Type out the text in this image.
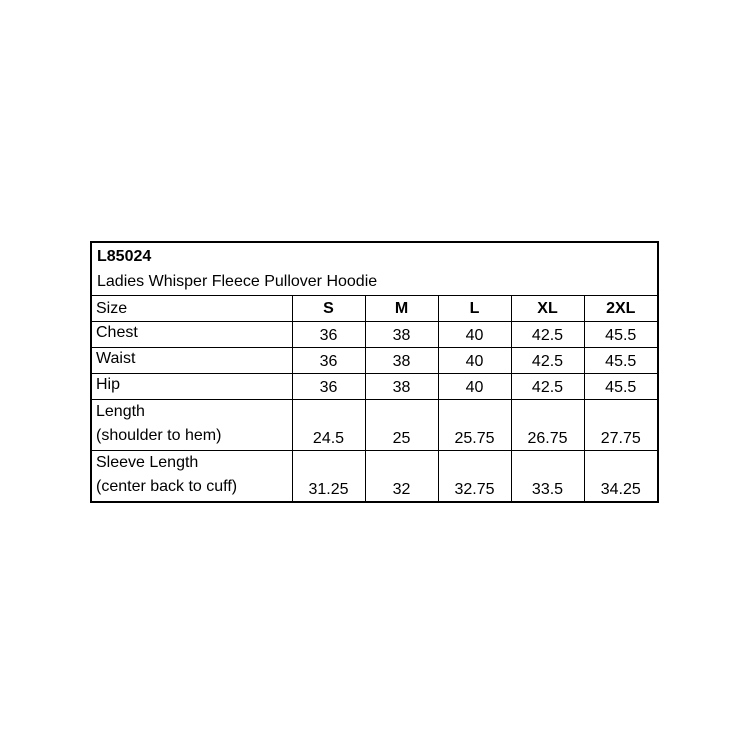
L85024
Ladies Whisper Fleece Pullover Hoodie
Size	S	M	L	XL	2XL
Chest	36	38	40	42.5	45.5
Waist	36	38	40	42.5	45.5
Hip	36	38	40	42.5	45.5

Length
(shoulder to hem)	24.5	25	25.75	26.75	27.75

Sleeve Length
(center back to cuff)	31.25	32	32.75	33.5	34.25
